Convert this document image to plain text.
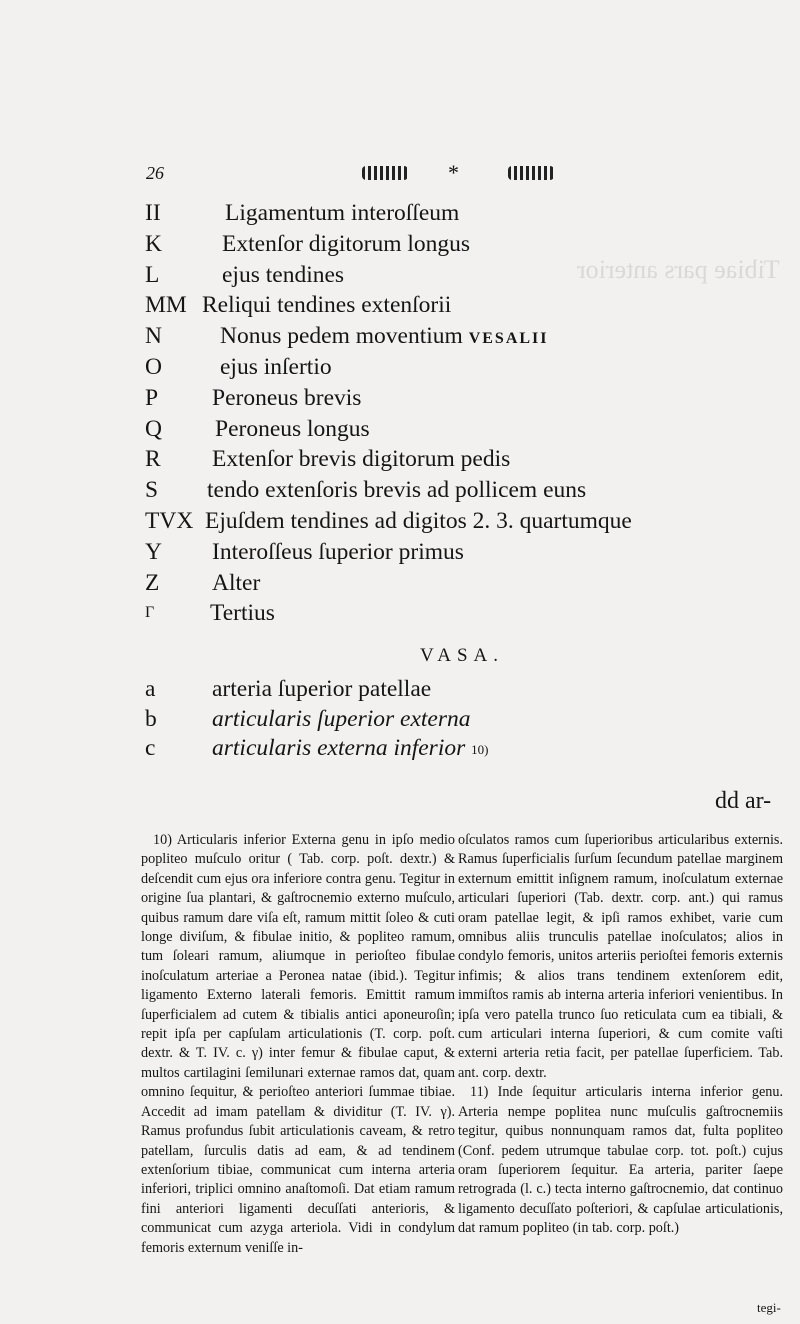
Tibiae pars anterior
26	*
II	Ligamentum interoſſeum
K	Extenſor digitorum longus
L	ejus tendines
MM Reliqui tendines extenſorii
N Nonus pedem moventium VESALII
O ejus inſertio
P Peroneus brevis
Q Peroneus longus
R Extenſor brevis digitorum pedis
S tendo extenſoris brevis ad pollicem euns
TVX Ejuſdem tendines ad digitos 2. 3. quartumque
Y Interoſſeus ſuperior primus
Z Alter
Γ Tertius
VASA.
a arteria ſuperior patellae
b articularis ſuperior externa
c articularis externa inferior $^{10)}$
dd ar-

10) Articularis inferior Externa genu in ipſo medio popliteo muſculo oritur ( Tab. corp. poſt. dextr.) & deſcendit cum ejus ora inferiore contra genu. Tegitur in origine ſua plantari, & gaſtrocnemio externo muſculo, quibus ramum dare viſa eſt, ramum mittit ſoleo & cuti longe diviſum, & fibulae initio, & popliteo ramum, tum ſoleari ramum, aliumque in perioſteo fibulae inoſculatum arteriae a Peronea natae (ibid.). Tegitur ligamento Externo laterali femoris. Emittit ramum ſuperficialem ad cutem & tibialis antici aponeuroſin; repit ipſa per capſulam articulationis (T. corp. poſt. dextr. & T. IV. c. γ) inter femur & fibulae caput, & multos cartilagini ſemilunari externae ramos dat, quam omnino ſequitur, & perioſteo anteriori ſummae tibiae. Accedit ad imam patellam & dividitur (T. IV. γ). Ramus profundus ſubit articulationis caveam, & retro patellam, ſurculis datis ad eam, & ad tendinem extenſorium tibiae, communicat cum interna arteria inferiori, triplici omnino anaſtomoſi. Dat etiam ramum fini anteriori ligamenti decuſſati anterioris, & communicat cum azyga arteriola. Vidi in condylum femoris externum veniſſe in-

oſculatos ramos cum ſuperioribus articularibus externis. Ramus ſuperficialis ſurſum ſecundum patellae marginem externum emittit inſignem ramum, inoſculatum externae articulari ſuperiori (Tab. dextr. corp. ant.) qui ramus oram patellae legit, & ipſi ramos exhibet, varie cum omnibus aliis trunculis patellae inoſculatos; alios in condylo femoris, unitos arteriis perioſtei femoris externis infimis; & alios trans tendinem extenſorem edit, immiſtos ramis ab interna arteria inferiori venientibus. In ipſa vero patella trunco ſuo reticulata cum ea tibiali, & cum articulari interna ſuperiori, & cum comite vaſti externi arteria retia facit, per patellae ſuperficiem. Tab. ant. corp. dextr.

11) Inde ſequitur articularis interna inferior genu. Arteria nempe poplitea nunc muſculis gaſtrocnemiis tegitur, quibus nonnunquam ramos dat, fulta popliteo (Conf. pedem utrumque tabulae corp. tot. poſt.) cujus oram ſuperiorem ſequitur. Ea arteria, pariter ſaepe retrograda (l. c.) tecta interno gaſtrocnemio, dat continuo ligamento decuſſato poſteriori, & capſulae articulationis, dat ramum popliteo (in tab. corp. poſt.)

tegi-
